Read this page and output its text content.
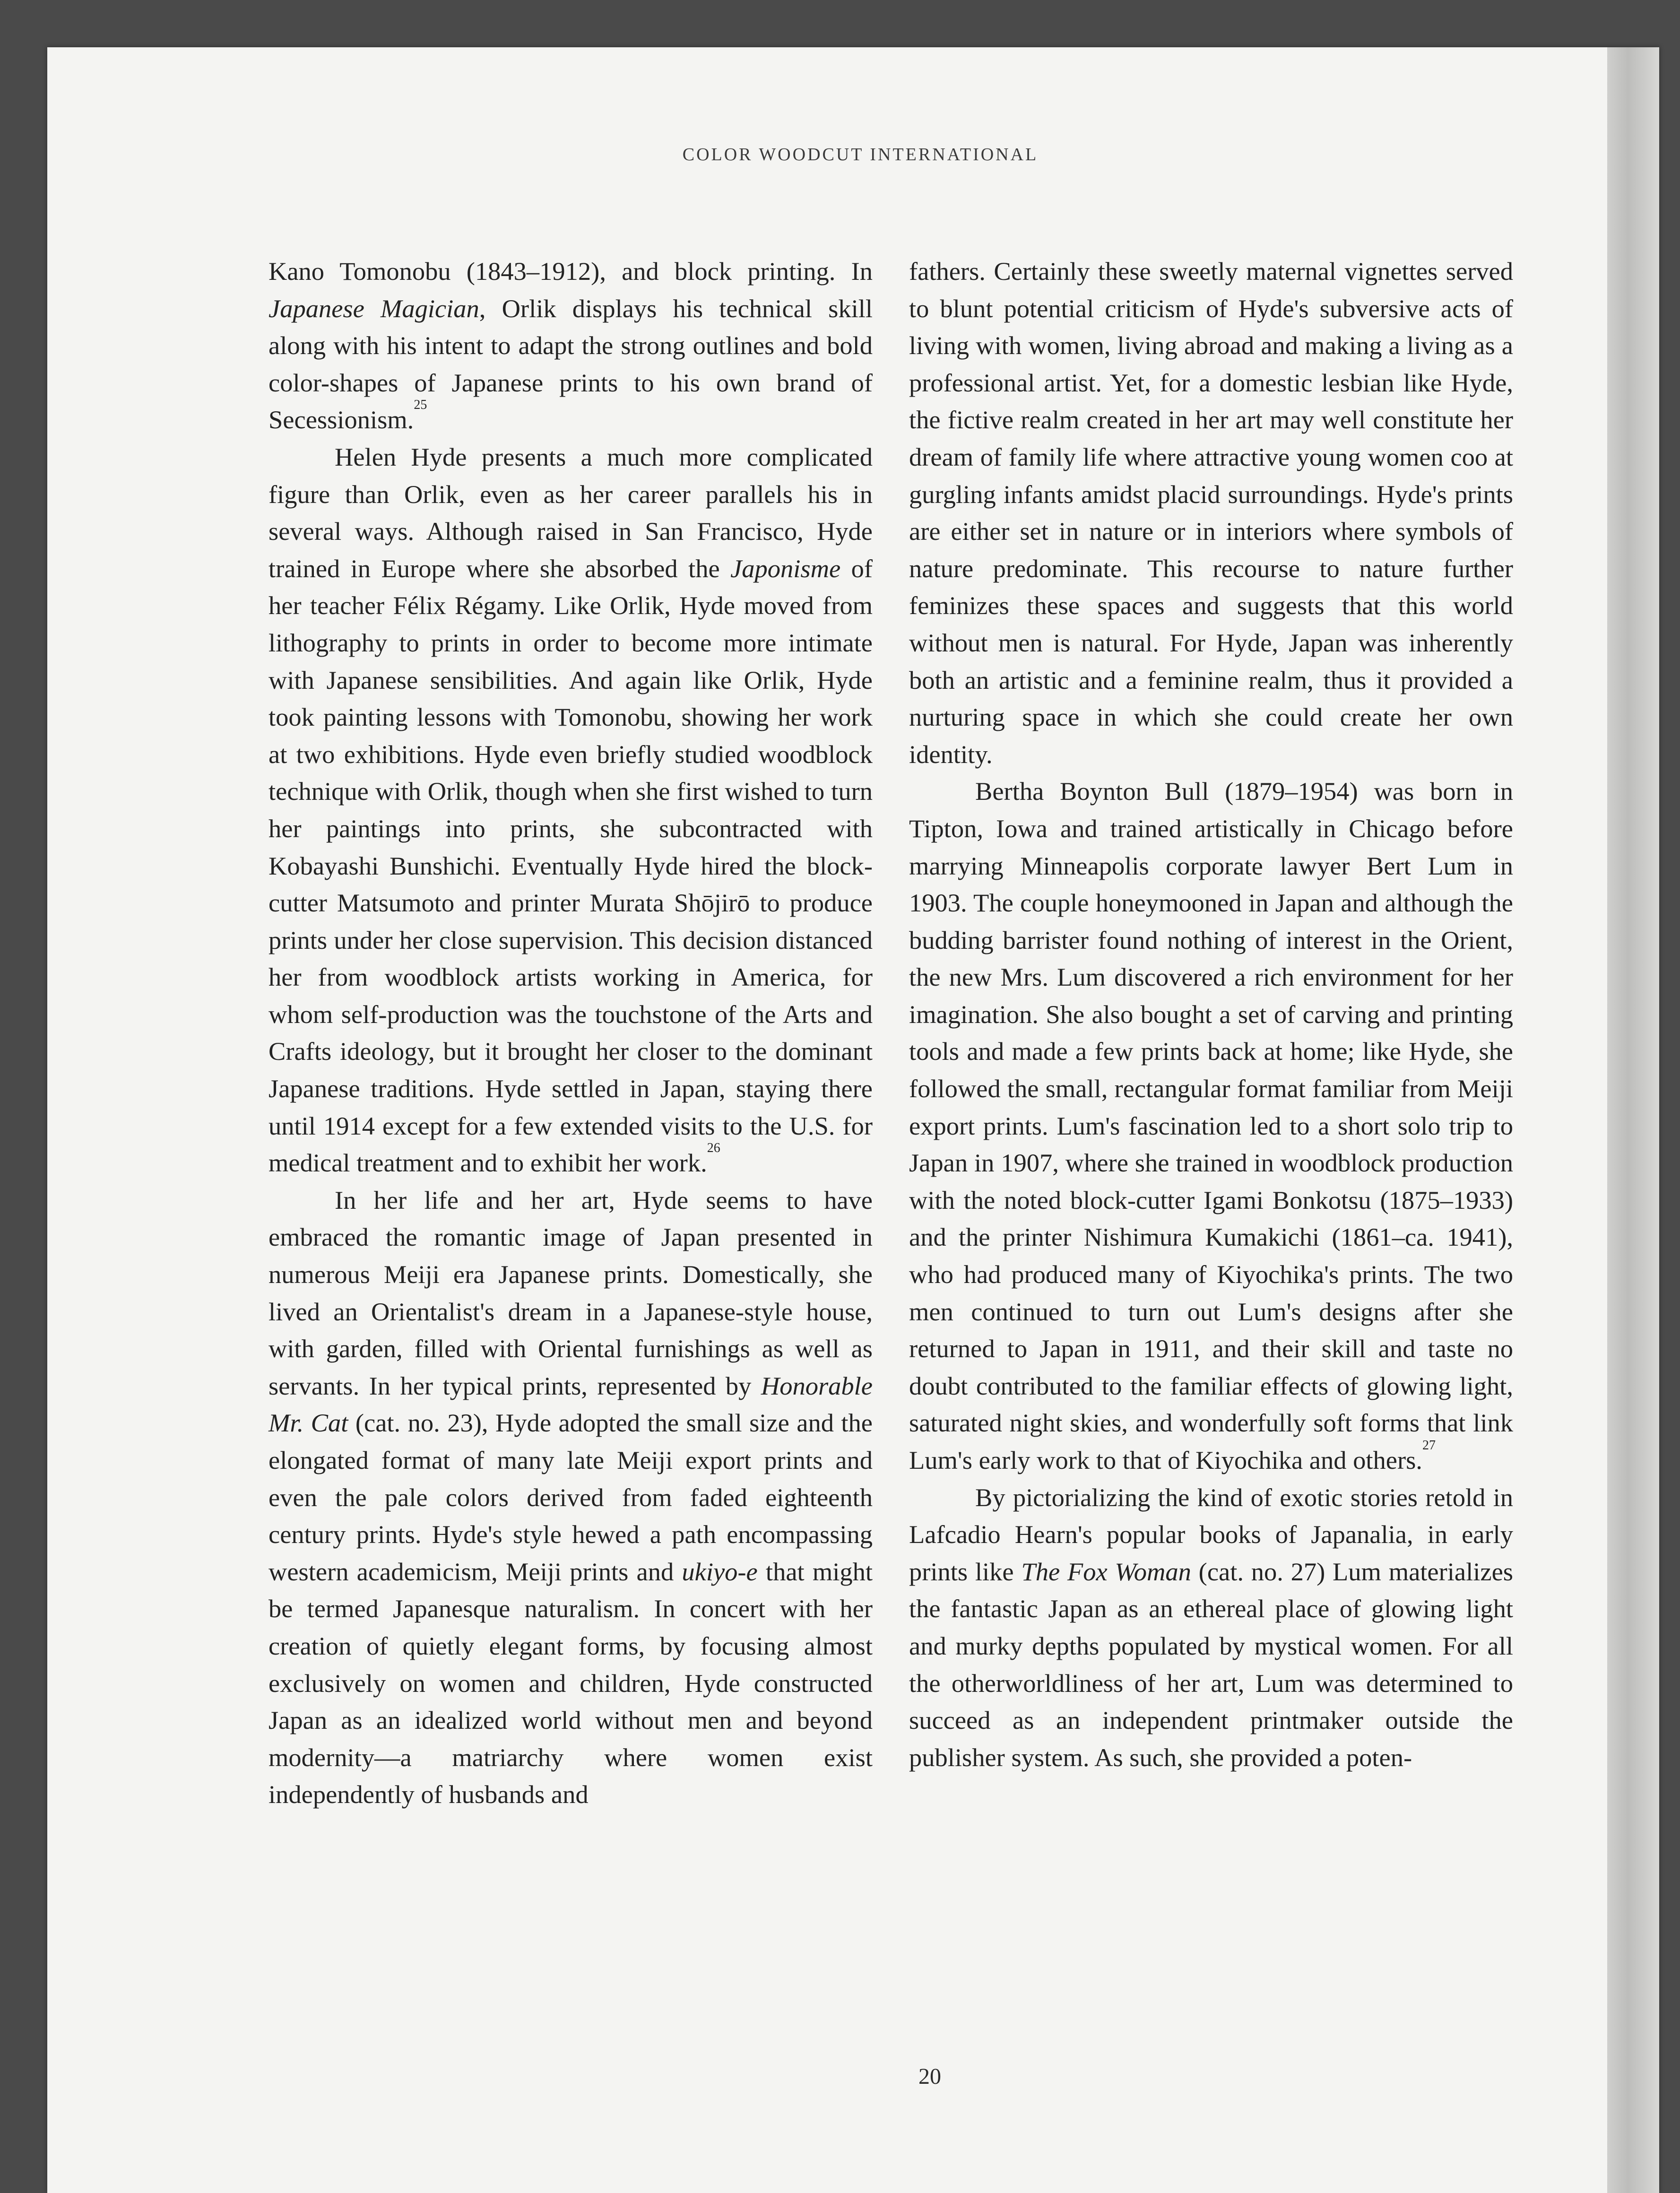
COLOR WOODCUT INTERNATIONAL

Kano Tomonobu (1843–1912), and block printing. In Japanese Magician, Orlik displays his technical skill along with his intent to adapt the strong outlines and bold color-shapes of Japanese prints to his own brand of Secessionism.$^{25}$

Helen Hyde presents a much more complicated figure than Orlik, even as her career parallels his in several ways. Although raised in San Francisco, Hyde trained in Europe where she absorbed the Japonisme of her teacher Félix Régamy. Like Orlik, Hyde moved from lithography to prints in order to become more intimate with Japanese sensibilities. And again like Orlik, Hyde took painting lessons with Tomonobu, showing her work at two exhibitions. Hyde even briefly studied woodblock technique with Orlik, though when she first wished to turn her paintings into prints, she subcontracted with Kobayashi Bunshichi. Eventually Hyde hired the block-cutter Matsumoto and printer Murata Shōjirō to produce prints under her close supervision. This decision distanced her from woodblock artists working in America, for whom self-production was the touchstone of the Arts and Crafts ideology, but it brought her closer to the dominant Japanese traditions. Hyde settled in Japan, staying there until 1914 except for a few extended visits to the U.S. for medical treatment and to exhibit her work.$^{26}$

In her life and her art, Hyde seems to have embraced the romantic image of Japan presented in numerous Meiji era Japanese prints. Domestically, she lived an Orientalist's dream in a Japanese-style house, with garden, filled with Oriental furnishings as well as servants. In her typical prints, represented by Honorable Mr. Cat (cat. no. 23), Hyde adopted the small size and the elongated format of many late Meiji export prints and even the pale colors derived from faded eighteenth century prints. Hyde's style hewed a path encompassing western academicism, Meiji prints and ukiyo-e that might be termed Japanesque naturalism. In concert with her creation of quietly elegant forms, by focusing almost exclusively on women and children, Hyde constructed Japan as an idealized world without men and beyond modernity—a matriarchy where women exist independently of husbands and

fathers. Certainly these sweetly maternal vignettes served to blunt potential criticism of Hyde's subversive acts of living with women, living abroad and making a living as a professional artist. Yet, for a domestic lesbian like Hyde, the fictive realm created in her art may well constitute her dream of family life where attractive young women coo at gurgling infants amidst placid surroundings. Hyde's prints are either set in nature or in interiors where symbols of nature predominate. This recourse to nature further feminizes these spaces and suggests that this world without men is natural. For Hyde, Japan was inherently both an artistic and a feminine realm, thus it provided a nurturing space in which she could create her own identity.

Bertha Boynton Bull (1879–1954) was born in Tipton, Iowa and trained artistically in Chicago before marrying Minneapolis corporate lawyer Bert Lum in 1903. The couple honeymooned in Japan and although the budding barrister found nothing of interest in the Orient, the new Mrs. Lum discovered a rich environment for her imagination. She also bought a set of carving and printing tools and made a few prints back at home; like Hyde, she followed the small, rectangular format familiar from Meiji export prints. Lum's fascination led to a short solo trip to Japan in 1907, where she trained in woodblock production with the noted block-cutter Igami Bonkotsu (1875–1933) and the printer Nishimura Kumakichi (1861–ca. 1941), who had produced many of Kiyochika's prints. The two men continued to turn out Lum's designs after she returned to Japan in 1911, and their skill and taste no doubt contributed to the familiar effects of glowing light, saturated night skies, and wonderfully soft forms that link Lum's early work to that of Kiyochika and others.$^{27}$

By pictorializing the kind of exotic stories retold in Lafcadio Hearn's popular books of Japanalia, in early prints like The Fox Woman (cat. no. 27) Lum materializes the fantastic Japan as an ethereal place of glowing light and murky depths populated by mystical women. For all the otherworldliness of her art, Lum was determined to succeed as an independent printmaker outside the publisher system. As such, she provided a poten-

20
